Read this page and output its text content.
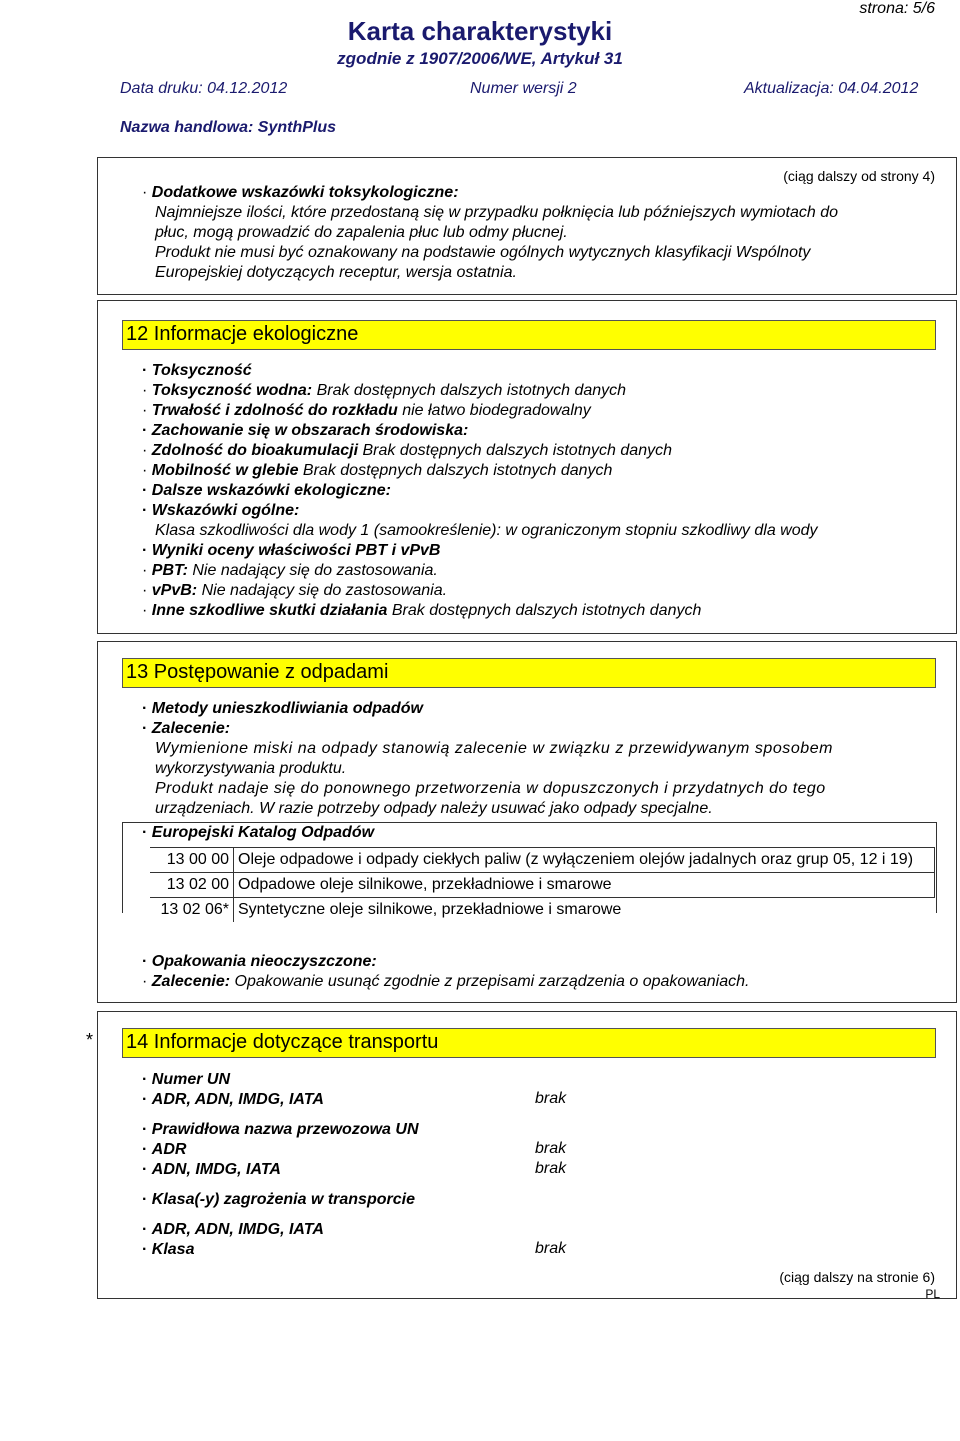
strona: 5/6
Karta charakterystyki
zgodnie z 1907/2006/WE, Artykuł 31
Data druku: 04.12.2012	Numer wersji 2	Aktualizacja: 04.04.2012
Nazwa handlowa: SynthPlus
(ciąg dalszy od strony 4)
· Dodatkowe wskazówki toksykologiczne:
Najmniejsze ilości, które przedostaną się w przypadku połknięcia lub późniejszych wymiotach do
płuc, mogą prowadzić do zapalenia płuc lub odmy płucnej.
Produkt nie musi być oznakowany na podstawie ogólnych wytycznych klasyfikacji Wspólnoty
Europejskiej dotyczących receptur, wersja ostatnia.
12 Informacje ekologiczne
· Toksyczność
· Toksyczność wodna: Brak dostępnych dalszych istotnych danych
· Trwałość i zdolność do rozkładu nie łatwo biodegradowalny
· Zachowanie się w obszarach środowiska:
· Zdolność do bioakumulacji Brak dostępnych dalszych istotnych danych
· Mobilność w glebie Brak dostępnych dalszych istotnych danych
· Dalsze wskazówki ekologiczne:
· Wskazówki ogólne:
Klasa szkodliwości dla wody 1 (samookreślenie): w ograniczonym stopniu szkodliwy dla wody
· Wyniki oceny właściwości PBT i vPvB
· PBT: Nie nadający się do zastosowania.
· vPvB: Nie nadający się do zastosowania.
· Inne szkodliwe skutki działania Brak dostępnych dalszych istotnych danych
13 Postępowanie z odpadami
· Metody unieszkodliwiania odpadów
· Zalecenie:
Wymienione miski na odpady stanowią zalecenie w związku z przewidywanym sposobem
wykorzystywania produktu.
Produkt nadaje się do ponownego przetworzenia w dopuszczonych i przydatnych do tego
urządzeniach. W razie potrzeby odpady należy usuwać jako odpady specjalne.
· Europejski Katalog Odpadów
13 00 00	Oleje odpadowe i odpady ciekłych paliw (z wyłączeniem olejów jadalnych oraz grup 05, 12 i 19)
13 02 00	Odpadowe oleje silnikowe, przekładniowe i smarowe
13 02 06*	Syntetyczne oleje silnikowe, przekładniowe i smarowe
· Opakowania nieoczyszczone:
· Zalecenie: Opakowanie usunąć zgodnie z przepisami zarządzenia o opakowaniach.
* 14 Informacje dotyczące transportu
· Numer UN
· ADR, ADN, IMDG, IATA	brak
· Prawidłowa nazwa przewozowa UN
· ADR	brak
· ADN, IMDG, IATA	brak
· Klasa(-y) zagrożenia w transporcie
· ADR, ADN, IMDG, IATA
· Klasa	brak
(ciąg dalszy na stronie 6)
PL
